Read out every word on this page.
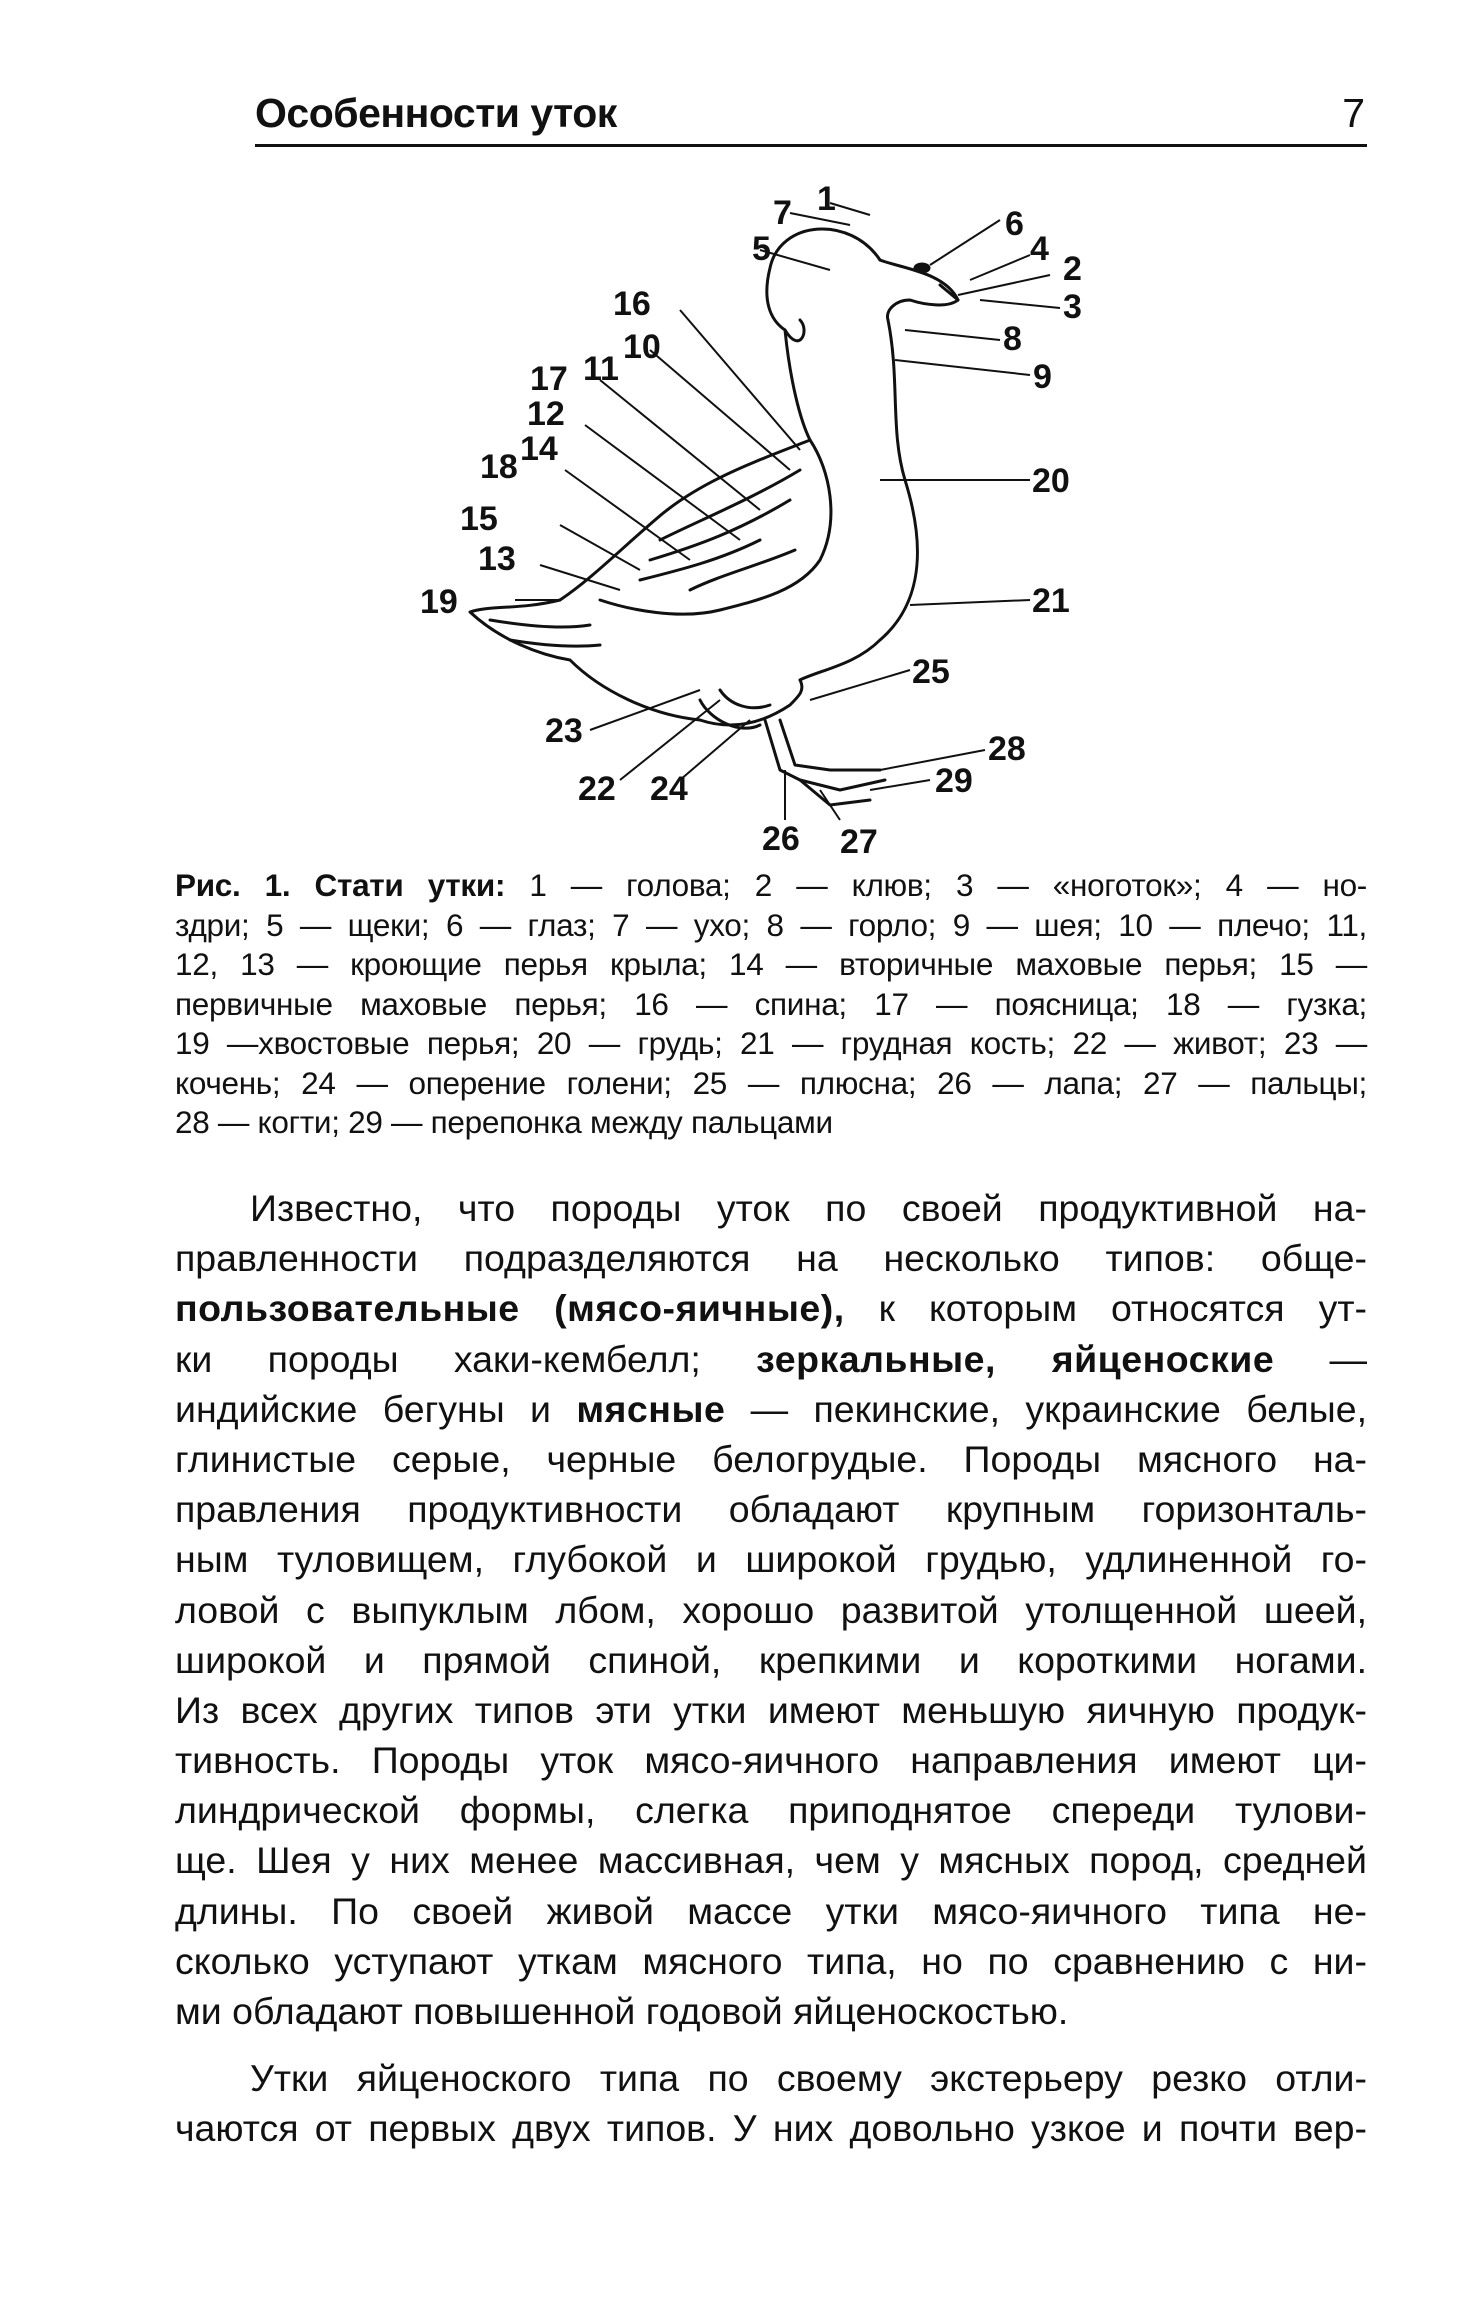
Особенности уток	7
1
2
3
4
5
6
7
8
9
10
11
12
13
14
15
16
17
18
19
20
21
22
23
24
25
26 27
28
29
Рис. 1. Стати утки: 1 — голова; 2 — клюв; 3 — «ноготок»; 4 — но-
здри; 5 — щеки; 6 — глаз; 7 — ухо; 8 — горло; 9 — шея; 10 — плечо; 11,
12, 13 — кроющие перья крыла; 14 — вторичные маховые перья; 15 —
первичные маховые перья; 16 — спина; 17 — поясница; 18 — гузка;
19 —хвостовые перья; 20 — грудь; 21 — грудная кость; 22 — живот; 23 —
кочень; 24 — оперение голени; 25 — плюсна; 26 — лапа; 27 — пальцы;
28 — когти; 29 — перепонка между пальцами
Известно, что породы уток по своей продуктивной на-
правленности подразделяются на несколько типов: обще-
пользовательные (мясо-яичные), к которым относятся ут-
ки породы хаки-кембелл; зеркальные, яйценоские —
индийские бегуны и мясные — пекинские, украинские белые,
глинистые серые, черные белогрудые. Породы мясного на-
правления продуктивности обладают крупным горизонталь-
ным туловищем, глубокой и широкой грудью, удлиненной го-
ловой с выпуклым лбом, хорошо развитой утолщенной шеей,
широкой и прямой спиной, крепкими и короткими ногами.
Из всех других типов эти утки имеют меньшую яичную продук-
тивность. Породы уток мясо-яичного направления имеют ци-
линдрической формы, слегка приподнятое спереди тулови-
ще. Шея у них менее массивная, чем у мясных пород, средней
длины. По своей живой массе утки мясо-яичного типа не-
сколько уступают уткам мясного типа, но по сравнению с ни-
ми обладают повышенной годовой яйценоскостью.
Утки яйценоского типа по своему экстерьеру резко отли-
чаются от первых двух типов. У них довольно узкое и почти вер-
